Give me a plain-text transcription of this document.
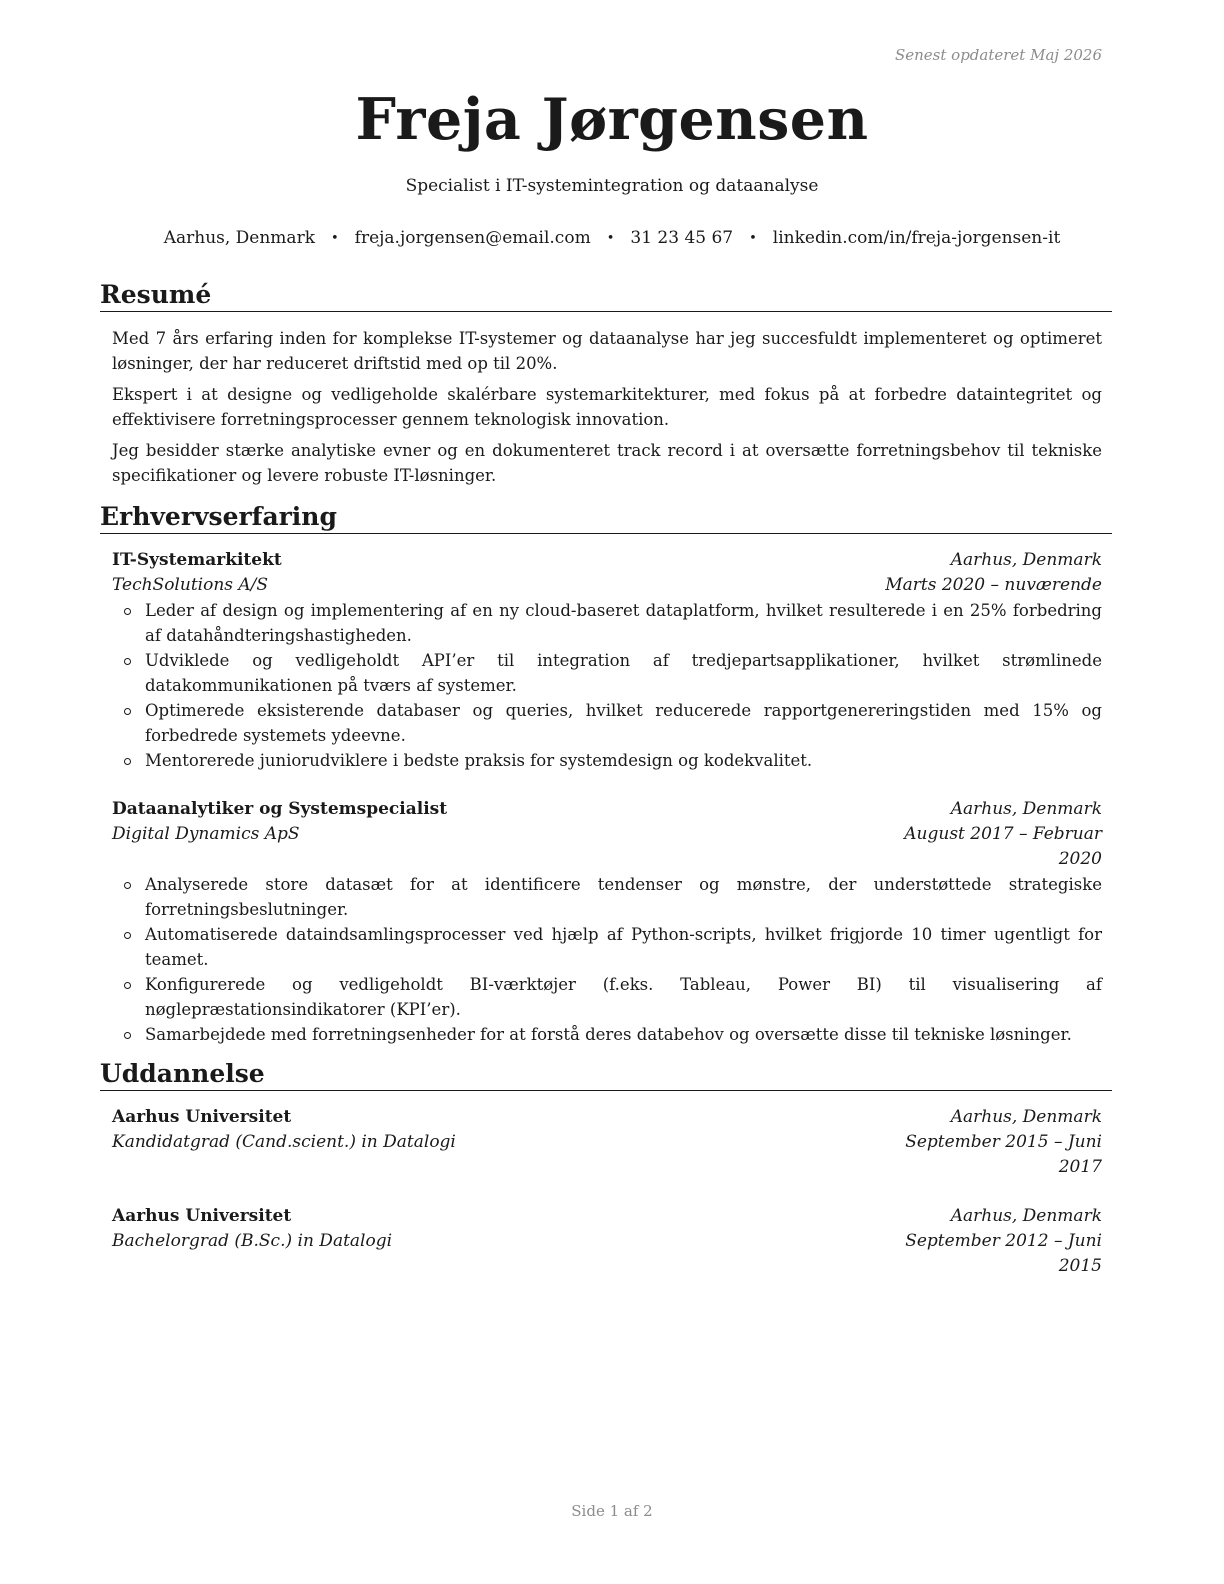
Senest opdateret Maj 2026
Freja Jørgensen
Specialist i IT-systemintegration og dataanalyse
Aarhus, Denmark • freja.jorgensen@email.com • 31 23 45 67 • linkedin.com/in/freja-jorgensen-it
Resumé

Med 7 års erfaring inden for komplekse IT-systemer og dataanalyse har jeg succesfuldt implementeret og optimeret løsninger, der har reduceret driftstid med op til 20%.

Ekspert i at designe og vedligeholde skalérbare systemarkitekturer, med fokus på at forbedre dataintegritet og effektivisere forretningsprocesser gennem teknologisk innovation.

Jeg besidder stærke analytiske evner og en dokumenteret track record i at oversætte forretningsbehov til tekniske specifikationer og levere robuste IT-løsninger.

Erhvervserfaring
IT-Systemarkitekt	Aarhus, Denmark
TechSolutions A/S	Marts 2020 – nuværende
Leder af design og implementering af en ny cloud-baseret dataplatform, hvilket resulterede i en 25% forbedring af datahåndteringshastigheden.
Udviklede og vedligeholdt API’er til integration af tredjepartsapplikationer, hvilket strømlinede datakommunikationen på tværs af systemer.
Optimerede eksisterende databaser og queries, hvilket reducerede rapportgenereringstiden med 15% og forbedrede systemets ydeevne.
Mentorerede juniorudviklere i bedste praksis for systemdesign og kodekvalitet.
Dataanalytiker og Systemspecialist	Aarhus, Denmark
Digital Dynamics ApS	August 2017 – Februar 2020
Analyserede store datasæt for at identificere tendenser og mønstre, der understøttede strategiske forretningsbeslutninger.
Automatiserede dataindsamlingsprocesser ved hjælp af Python-scripts, hvilket frigjorde 10 timer ugentligt for teamet.
Konfigurerede og vedligeholdt BI-værktøjer (f.eks. Tableau, Power BI) til visualisering af nøglepræstationsindikatorer (KPI’er).
Samarbejdede med forretningsenheder for at forstå deres databehov og oversætte disse til tekniske løsninger.
Uddannelse
Aarhus Universitet	Aarhus, Denmark
Kandidatgrad (Cand.scient.) in Datalogi	September 2015 – Juni 2017
Aarhus Universitet	Aarhus, Denmark
Bachelorgrad (B.Sc.) in Datalogi	September 2012 – Juni 2015
Side 1 af 2
